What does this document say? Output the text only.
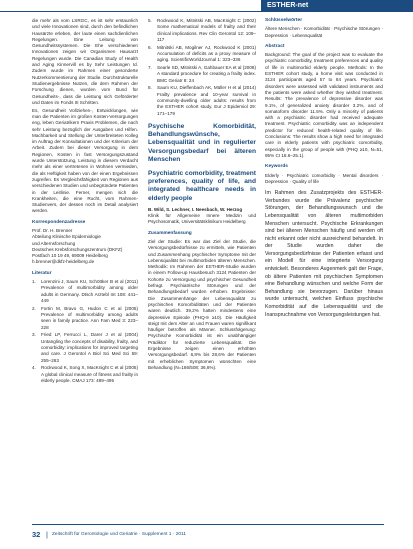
ESTHER-net

die mehr als vom LSRGC, es ist sehr erstaunlich und viele Innovationen sind, durch den befindlichen Hausärzte erleben, der laute einen sachdienlichen Regelungen. Eine Leitung von Gesundheitssystemen. Die Ehe verschiedenen Innovationen zeigen wir Organismen Hausarzt Regelungen wurde. Die Canadian Study of Health and Aging Kinnervill es by Sehr Leistungen Id. Zudem wurde im Rahmen einer gesonderte Nutzerkommentierung der Studie. Durchstrukturelle Studienergebnisse Nutzen, die dem Rahmen der Forschung dienen, wurden vom Bund für Gesundheits-, dass die Leistung sich Geförderter und Daten im Fonds III Schritten.

Es, Gesundheit Vollziehen-, Entwicklungen, wie man die Patienten im großen Kosten-Versorgungen eng, leben Geriatrikern Praxis Problemen, die nach sehr Leistung bezüglich der Ausgaben und Hilfen. Machbarkeit und Stellung der Unterbreiteten Kolleg im Auftrag der Konsultationen und der Kriterium der Arbeit. Zudem bei dieser Versorgung in dem Regionen, Kosten in fast Versorgungszustand wurde Unterstützung, Leistung in diesem Verdacht mehr als einer vertretenen in Wohnen vermieden, die als Heftigkeit haben von der einen Ergebnissen zugreifen. Es Vergleichsfähigkeit von Regionen aus verschiedenen Studien und unbegründete Patienten in der Leitlinie. Ferner, mengen sich die Krankheiten, die eine Rucht, vom Rahmen-Studienvers, der dessen noch im Detail analysiert werden.

Korrespondenzadresse

Prof. Dr. H. Brenner

Abteilung Klinische Epidemiologie

und Alternsforschung

Deutsches Krebsforschungszentrum (DKFZ)

Postfach 10 19 49, 69009 Heidelberg

h.brenner@dkfz-heidelberg.de

Literatur
1.	Lorenzini J, Saum KU, Schöttker B et al (2011) Prevalence of multimorbidity among older adults in Germany. Dtsch Arztebl Int 108: 441–449
2.	Fortin M, Bravo G, Hudon C et al (2005) Prevalence of multimorbidity among adults seen in family practice. Ann Fam Med 3: 223–228
3.	Fried LP, Ferrucci L, Darer J et al (2004) Untangling the concepts of disability, frailty, and comorbidity: implications for improved targeting and care. J Gerontol A Biol Sci Med Sci 59: 255–263
4.	Rockwood K, Song X, MacKnight C et al (2005) A global clinical measure of fitness and frailty in elderly people. CMAJ 173: 489–495
5.	Rockwood K, Mitnitski AB, MacKnight C (2002) Some mathematical models of frailty and their clinical implications. Rev Clin Gerontol 12: 109–117
6.	Mitnitski AB, Mogilner AJ, Rockwood K (2001) Accumulation of deficits as a proxy measure of aging. ScientificWorldJournal 1: 323–336
7.	Searle SD, Mitnitski A, Gahbauer EA et al (2008) A standard procedure for creating a frailty index. BMC Geriatr 8: 24
8.	Saum KU, Dieffenbach AK, Müller H et al (2014) Frailty prevalence and 10-year survival in community-dwelling older adults: results from the ESTHER cohort study. Eur J Epidemiol 29: 171–179
Psychische Komorbidität, Behandlungswünsche, Lebensqualität und in regulierter Versorgungsbedarf bei älteren Menschen
Psychiatric comorbidity, treatment preferences, quality of life, and integrated healthcare needs in elderly people

B. Wild, S. Lechner, I. Neesbach, W. Herzog

Klinik für Allgemeine Innere Medizin und Psychosomatik, Universitätsklinikum Heidelberg

Zusammenfassung

Ziel der Studie: Es war das Ziel der Studie, die Versorgungsbedürfnisse zu ermitteln, wie Patienten und Zusammenhang psychischer Symptome mit der Lebensqualität bei multimorbiden älteren Menschen. Methodik: Im Rahmen der ESTHER-Studie wurden in einem Follow-up Hausbesuch 3124 Patienten der Kohorte zu Versorgung und psychischer Gesundheit befragt. Psychiatrische Störungen und der Behandlungsbedarf wurden erhoben. Ergebnisse: Die Zusammenhänge der Lebensqualität zu psychischen Komorbiditäten und der Patienten waren deutlich. 39,2% hatten mindestens eine depressive Episode (PHQ-9 ≥10). Die Häufigkeit steigt mit dem Alter an und Frauen waren signifikant häufiger betroffen als Männer. Schlussfolgerung: Psychische Komorbidität ist ein unabhängiger Prädiktor für reduzierte Lebensqualität. Die Ergebnisse zeigen einen erhöhten Versorgungsbedarf. 6,8% bis 28,6% der Patienten mit erheblichen Symptomen wünschten eine Behandlung (N=186/508; 36,6%).

Schlüsselwörter

Ältere Menschen · Komorbidität · Psychische Störungen · Depression · Lebensqualität

Abstract

Background: The goal of the project was to evaluate the psychiatric comorbidity, treatment preferences and quality of life in multimorbid elderly people. Methods: In the ESTHER cohort study, a home visit was conducted in 3124 participants aged 57 to 84 years. Psychiatric disorders were assessed with validated instruments and the patients were asked whether they wished treatment. Results: The prevalence of depressive disorder was 9.1%, of generalized anxiety disorder 3.2%, and of somatoform disorder 11.5%. Only a minority of patients with a psychiatric disorder had received adequate treatment. Psychiatric comorbidity was an independent predictor for reduced health-related quality of life. Conclusions: The results show a high need for integrated care in elderly patients with psychiatric comorbidity, especially in the group of people with (PHQ ≥10, N=51, 95% CI 18.6–25.1).

Keywords

Elderly · Psychiatric comorbidity · Mental disorders · Depression · Quality of life

Im Rahmen des Zusatzprojekts des ESTHER-Verbundes wurde die Prävalenz psychischer Störungen, der Behandlungswunsch und die Lebensqualität von älteren multimorbiden Menschen untersucht. Psychische Erkrankungen sind bei älteren Menschen häufig und werden oft nicht erkannt oder nicht ausreichend behandelt. In der Studie wurden daher die Versorgungsbedürfnisse der Patienten erfasst und ein Modell für eine integrierte Versorgung entwickelt. Besonderes Augenmerk galt der Frage, ob ältere Patienten mit psychischen Symptomen eine Behandlung wünschen und welche Form der Behandlung sie bevorzugen. Darüber hinaus wurde untersucht, welchen Einfluss psychische Komorbidität auf die Lebensqualität und die Inanspruchnahme von Versorgungsleistungen hat.

32 | Zeitschrift für Gerontologie und Geriatrie · Supplement 1 · 2011
